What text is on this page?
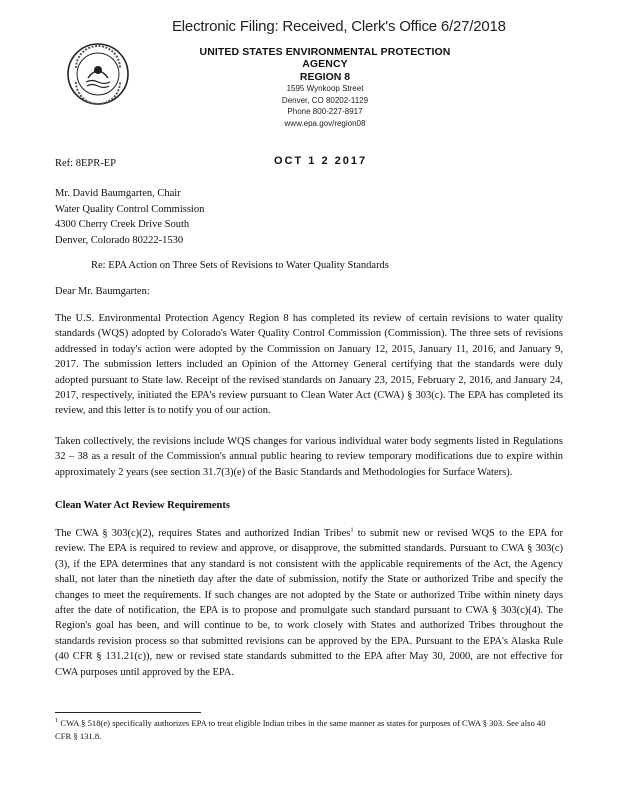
Electronic Filing: Received, Clerk's Office 6/27/2018
UNITED STATES ENVIRONMENTAL PROTECTION AGENCY
REGION 8
1595 Wynkoop Street
Denver, CO 80202-1129
Phone 800-227-8917
www.epa.gov/region08
Ref: 8EPR-EP	OCT 1 2 2017
Mr. David Baumgarten, Chair
Water Quality Control Commission
4300 Cherry Creek Drive South
Denver, Colorado 80222-1530
Re: EPA Action on Three Sets of Revisions to Water Quality Standards
Dear Mr. Baumgarten:

The U.S. Environmental Protection Agency Region 8 has completed its review of certain revisions to water quality standards (WQS) adopted by Colorado's Water Quality Control Commission (Commission). The three sets of revisions addressed in today's action were adopted by the Commission on January 12, 2015, January 11, 2016, and January 9, 2017. The submission letters included an Opinion of the Attorney General certifying that the standards were duly adopted pursuant to State law. Receipt of the revised standards on January 23, 2015, February 2, 2016, and January 24, 2017, respectively, initiated the EPA's review pursuant to Clean Water Act (CWA) § 303(c). The EPA has completed its review, and this letter is to notify you of our action.

Taken collectively, the revisions include WQS changes for various individual water body segments listed in Regulations 32 – 38 as a result of the Commission's annual public hearing to review temporary modifications due to expire within approximately 2 years (see section 31.7(3)(e) of the Basic Standards and Methodologies for Surface Waters).

Clean Water Act Review Requirements

The CWA § 303(c)(2), requires States and authorized Indian Tribes$^1$ to submit new or revised WQS to the EPA for review. The EPA is required to review and approve, or disapprove, the submitted standards. Pursuant to CWA § 303(c)(3), if the EPA determines that any standard is not consistent with the applicable requirements of the Act, the Agency shall, not later than the ninetieth day after the date of submission, notify the State or authorized Tribe and specify the changes to meet the requirements. If such changes are not adopted by the State or authorized Tribe within ninety days after the date of notification, the EPA is to propose and promulgate such standard pursuant to CWA § 303(c)(4). The Region's goal has been, and will continue to be, to work closely with States and authorized Tribes throughout the standards revision process so that submitted revisions can be approved by the EPA. Pursuant to the EPA's Alaska Rule (40 CFR § 131.21(c)), new or revised state standards submitted to the EPA after May 30, 2000, are not effective for CWA purposes until approved by the EPA.

$^1$ CWA § 518(e) specifically authorizes EPA to treat eligible Indian tribes in the same manner as states for purposes of CWA § 303. See also 40 CFR § 131.8.
